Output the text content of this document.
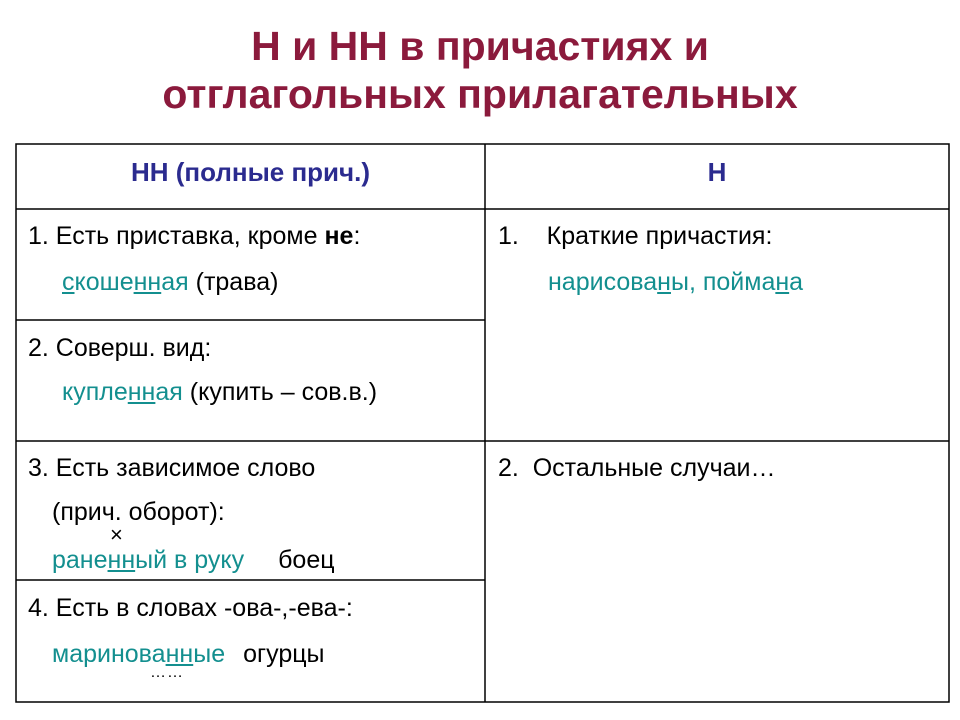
Н и НН в причастиях и
отглагольных прилагательных
НН (полные прич.)	Н
1. Есть приставка, кроме не:
скошенная (трава)
2. Соверш. вид:
купленная (купить – сов.в.)
3. Есть зависимое слово
(прич. оборот):
×
раненный в руку боец
4. Есть в словах -ова-,-ева-:
маринованные огурцы
……
1.    Краткие причастия:
нарисованы, поймана
2.  Остальные случаи…
